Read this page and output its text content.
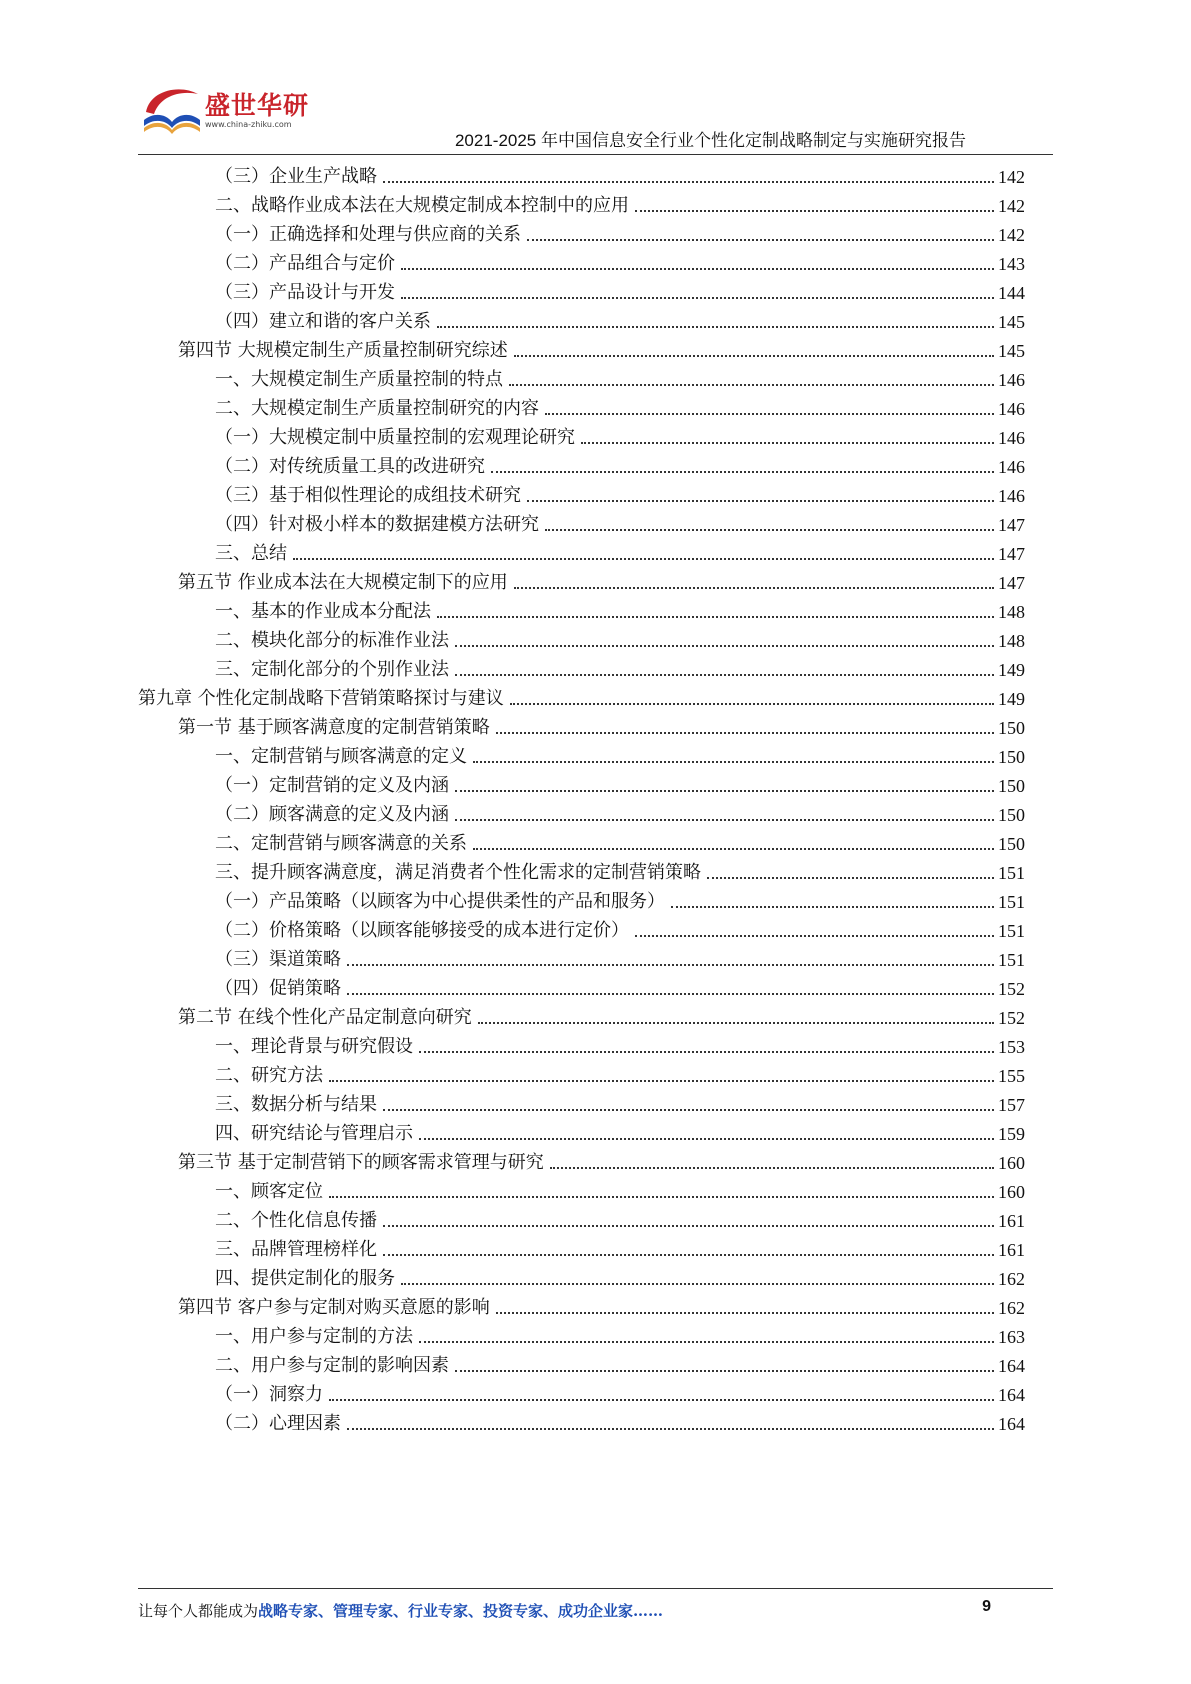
盛世华研
www.china-zhiku.com
2021-2025 年中国信息安全行业个性化定制战略制定与实施研究报告
（三）企业生产战略	142
二、战略作业成本法在大规模定制成本控制中的应用	142
（一）正确选择和处理与供应商的关系	142
（二）产品组合与定价	143
（三）产品设计与开发	144
（四）建立和谐的客户关系	145
第四节 大规模定制生产质量控制研究综述	145
一、大规模定制生产质量控制的特点	146
二、大规模定制生产质量控制研究的内容	146
（一）大规模定制中质量控制的宏观理论研究	146
（二）对传统质量工具的改进研究	146
（三）基于相似性理论的成组技术研究	146
（四）针对极小样本的数据建模方法研究	147
三、总结	147
第五节 作业成本法在大规模定制下的应用	147
一、基本的作业成本分配法	148
二、模块化部分的标准作业法	148
三、定制化部分的个别作业法	149
第九章 个性化定制战略下营销策略探讨与建议	149
第一节 基于顾客满意度的定制营销策略	150
一、定制营销与顾客满意的定义	150
（一）定制营销的定义及内涵	150
（二）顾客满意的定义及内涵	150
二、定制营销与顾客满意的关系	150
三、提升顾客满意度，满足消费者个性化需求的定制营销策略	151
（一）产品策略（以顾客为中心提供柔性的产品和服务）	151
（二）价格策略（以顾客能够接受的成本进行定价）	151
（三）渠道策略	151
（四）促销策略	152
第二节 在线个性化产品定制意向研究	152
一、理论背景与研究假设	153
二、研究方法	155
三、数据分析与结果	157
四、研究结论与管理启示	159
第三节 基于定制营销下的顾客需求管理与研究	160
一、顾客定位	160
二、个性化信息传播	161
三、品牌管理榜样化	161
四、提供定制化的服务	162
第四节 客户参与定制对购买意愿的影响	162
一、用户参与定制的方法	163
二、用户参与定制的影响因素	164
（一）洞察力	164
（二）心理因素	164
让每个人都能成为战略专家、管理专家、行业专家、投资专家、成功企业家……	9
